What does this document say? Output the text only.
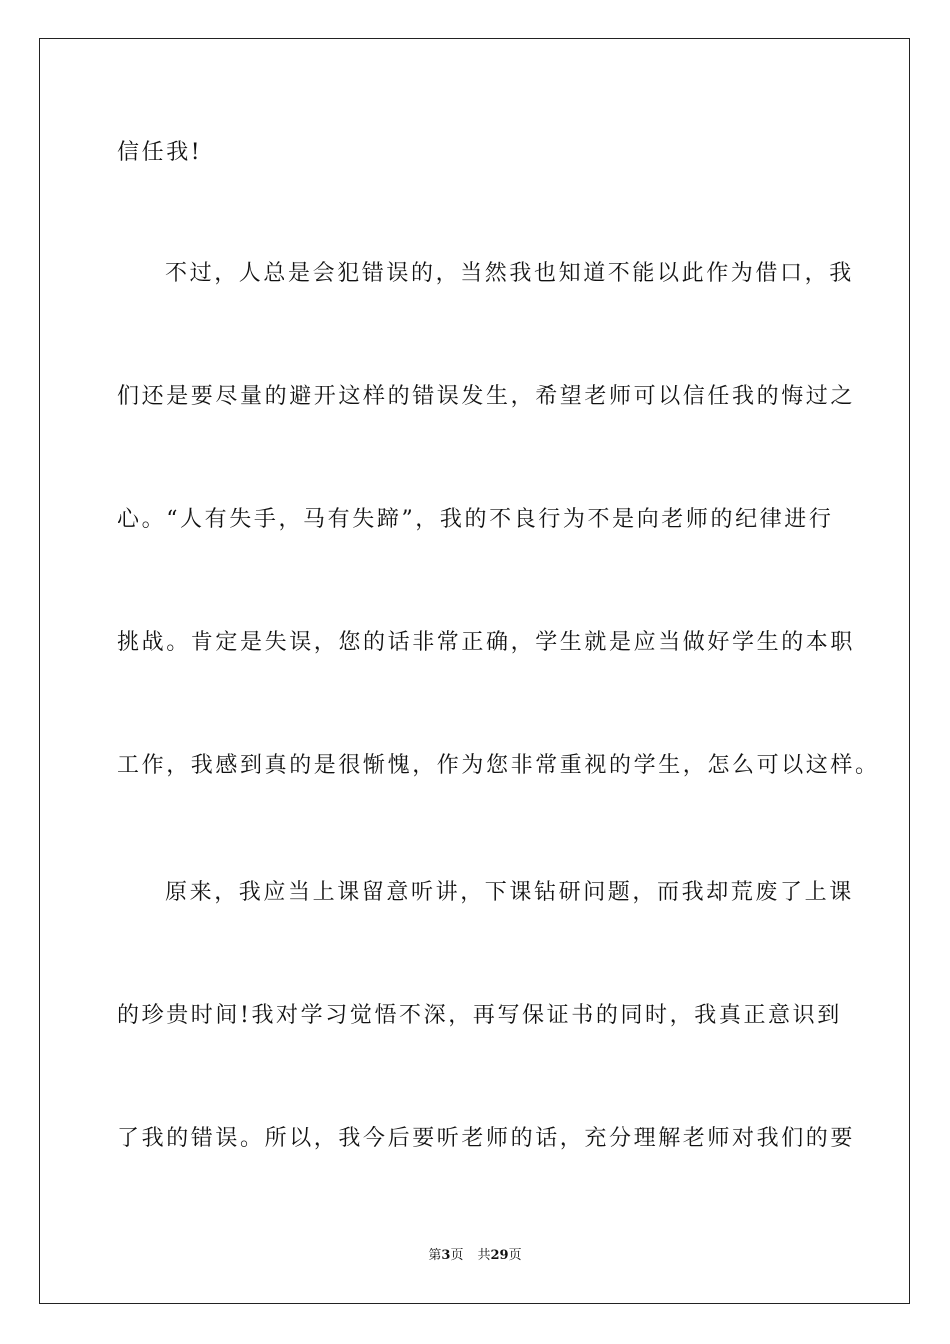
信任我!
不过，人总是会犯错误的，当然我也知道不能以此作为借口，我
们还是要尽量的避开这样的错误发生，希望老师可以信任我的悔过之
心。“人有失手，马有失蹄”，我的不良行为不是向老师的纪律进行
挑战。肯定是失误，您的话非常正确，学生就是应当做好学生的本职
工作，我感到真的是很惭愧，作为您非常重视的学生，怎么可以这样。
原来，我应当上课留意听讲，下课钻研问题，而我却荒废了上课
的珍贵时间!我对学习觉悟不深，再写保证书的同时，我真正意识到
了我的错误。所以，我今后要听老师的话，充分理解老师对我们的要
第3页 共29页
